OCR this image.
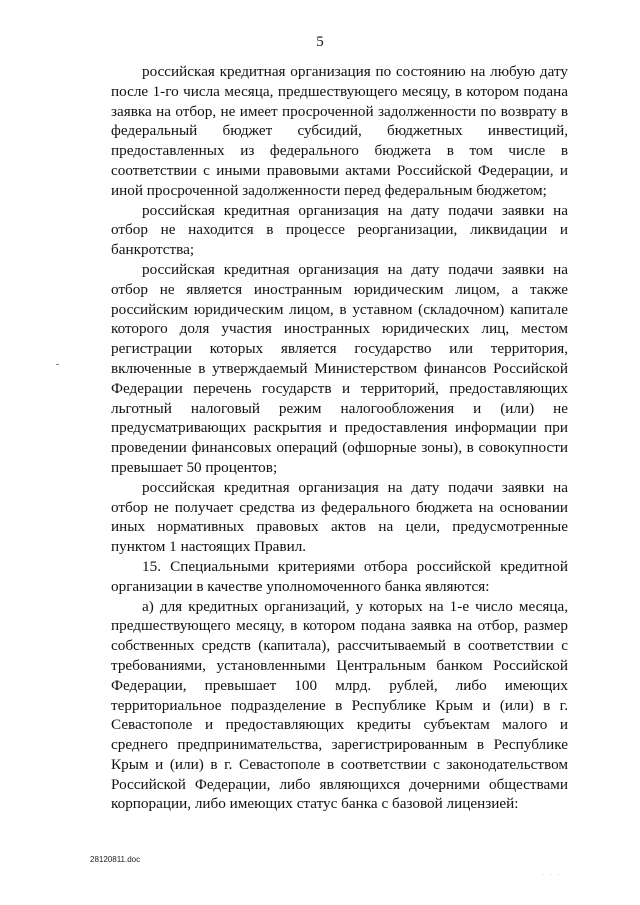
5

российская кредитная организация по состоянию на любую дату после 1-го числа месяца, предшествующего месяцу, в котором подана заявка на отбор, не имеет просроченной задолженности по возврату в федеральный бюджет субсидий, бюджетных инвестиций, предоставленных из федерального бюджета в том числе в соответствии с иными правовыми актами Российской Федерации, и иной просроченной задолженности перед федеральным бюджетом;

российская кредитная организация на дату подачи заявки на отбор не находится в процессе реорганизации, ликвидации и банкротства;

российская кредитная организация на дату подачи заявки на отбор не является иностранным юридическим лицом, а также российским юридическим лицом, в уставном (складочном) капитале которого доля участия иностранных юридических лиц, местом регистрации которых является государство или территория, включенные в утверждаемый Министерством финансов Российской Федерации перечень государств и территорий, предоставляющих льготный налоговый режим налогообложения и (или) не предусматривающих раскрытия и предоставления информации при проведении финансовых операций (офшорные зоны), в совокупности превышает 50 процентов;

российская кредитная организация на дату подачи заявки на отбор не получает средства из федерального бюджета на основании иных нормативных правовых актов на цели, предусмотренные пунктом 1 настоящих Правил.

15. Специальными критериями отбора российской кредитной организации в качестве уполномоченного банка являются:

а) для кредитных организаций, у которых на 1-е число месяца, предшествующего месяцу, в котором подана заявка на отбор, размер собственных средств (капитала), рассчитываемый в соответствии с требованиями, установленными Центральным банком Российской Федерации, превышает 100 млрд. рублей, либо имеющих территориальное подразделение в Республике Крым и (или) в г. Севастополе и предоставляющих кредиты субъектам малого и среднего предпринимательства, зарегистрированным в Республике Крым и (или) в г. Севастополе в соответствии с законодательством Российской Федерации, либо являющихся дочерними обществами корпорации, либо имеющих статус банка с базовой лицензией:

28120811.doc
· · ·
